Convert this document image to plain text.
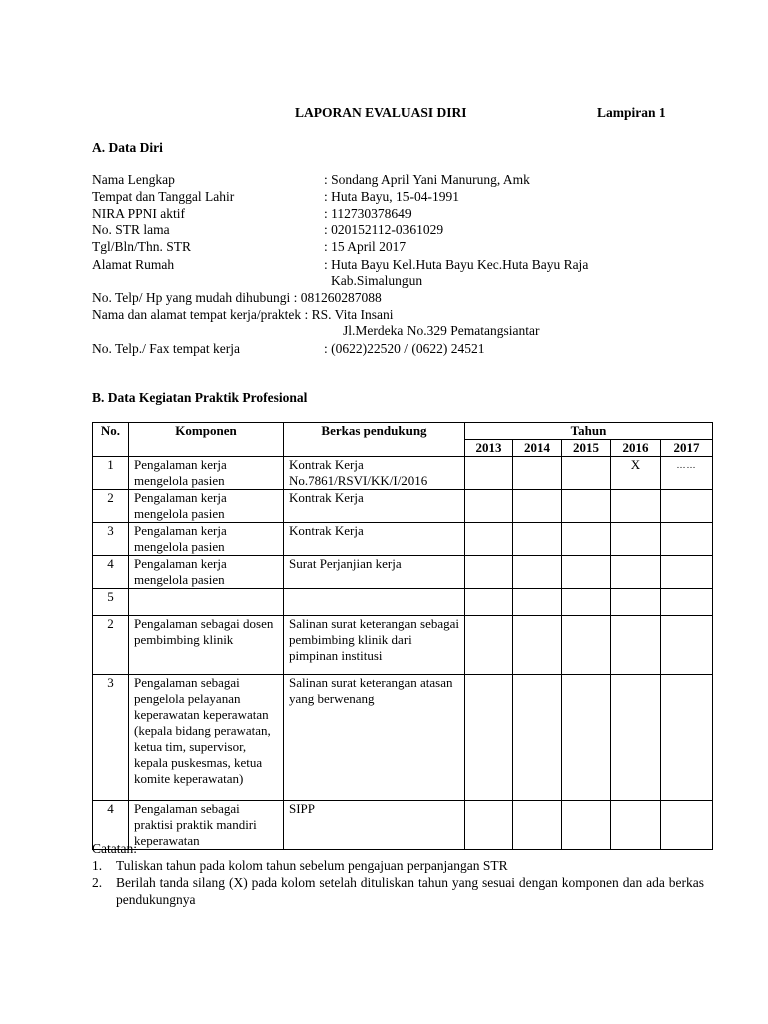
LAPORAN EVALUASI DIRI	Lampiran 1
A. Data Diri
Nama Lengkap	: Sondang April Yani Manurung, Amk
Tempat dan Tanggal Lahir	: Huta Bayu, 15-04-1991
NIRA PPNI aktif	: 112730378649
No. STR lama	: 020152112-0361029
Tgl/Bln/Thn. STR	: 15 April 2017
Alamat Rumah	: Huta Bayu Kel.Huta Bayu Kec.Huta Bayu Raja
Kab.Simalungun
No. Telp/ Hp yang mudah dihubungi : 081260287088
Nama dan alamat tempat kerja/praktek : RS. Vita Insani
Jl.Merdeka No.329 Pematangsiantar
No. Telp./ Fax tempat kerja	: (0622)22520 / (0622) 24521
B. Data Kegiatan Praktik Profesional
No.	Komponen	Berkas pendukung	Tahun				
			2013	2014	2015	2016	2017
1	Pengalaman kerja mengelola pasien	Kontrak Kerja No.7861/RSVI/KK/I/2016				X	……
2	Pengalaman kerja mengelola pasien	Kontrak Kerja					
3	Pengalaman kerja mengelola pasien	Kontrak Kerja					
4	Pengalaman kerja mengelola pasien	Surat Perjanjian kerja					
5							
2	Pengalaman sebagai dosen pembimbing klinik	Salinan surat keterangan sebagai pembimbing klinik dari pimpinan institusi					
3	Pengalaman sebagai pengelola pelayanan keperawatan keperawatan (kepala bidang perawatan, ketua tim, supervisor, kepala puskesmas, ketua komite keperawatan)	Salinan surat keterangan atasan yang berwenang					
4	Pengalaman sebagai praktisi praktik mandiri keperawatan	SIPP					
Catatan:
1. Tuliskan tahun pada kolom tahun sebelum pengajuan perpanjangan STR
2. Berilah tanda silang (X) pada kolom setelah dituliskan tahun yang sesuai dengan komponen dan ada berkas pendukungnya
